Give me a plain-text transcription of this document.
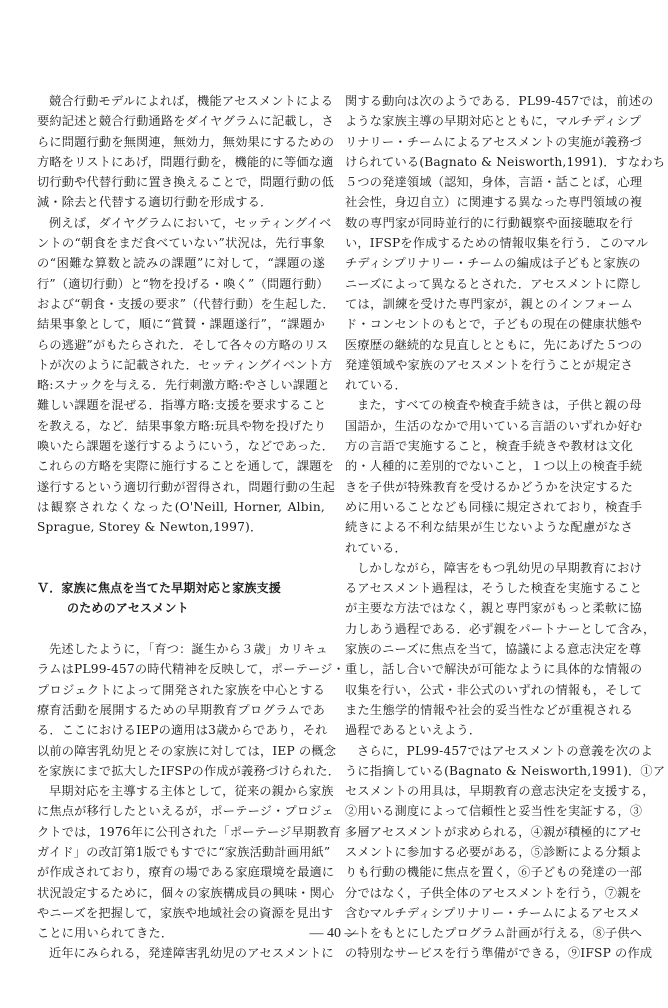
競合行動モデルによれば，機能アセスメントによる
要約記述と競合行動通路をダイヤグラムに記載し，さ
らに問題行動を無関連，無効力，無効果にするための
方略をリストにあげ，問題行動を，機能的に等価な適
切行動や代替行動に置き換えることで，問題行動の低
減・除去と代替する適切行動を形成する．
例えば，ダイヤグラムにおいて，セッティングイベ
ントの“朝食をまだ食べていない”状況は，先行事象
の“困難な算数と読みの課題”に対して，“課題の遂
行”（適切行動）と“物を投げる・喚く”（問題行動）
および“朝食・支援の要求”（代替行動）を生起した．
結果事象として，順に“賞賛・課題遂行”，“課題か
らの逃避”がもたらされた．そして各々の方略のリス
トが次のように記載された．セッティングイベント方
略:スナックを与える．先行刺激方略:やさしい課題と
難しい課題を混ぜる．指導方略:支援を要求すること
を教える，など．結果事象方略:玩具や物を投げたり
喚いたら課題を遂行するようにいう，などであった．
これらの方略を実際に施行することを通して，課題を
遂行するという適切行動が習得され，問題行動の生起
は観察されなくなった(O'Neill, Horner, Albin,
Sprague, Storey & Newton,1997)．
Ｖ．家族に焦点を当てた早期対応と家族支援
のためのアセスメント
先述したように，「育つ：誕生から３歳」カリキュ
ラムはPL99-457の時代精神を反映して，ポーテージ・
プロジェクトによって開発された家族を中心とする
療育活動を展開するための早期教育プログラムであ
る．ここにおけるIEPの適用は3歳からであり，それ
以前の障害乳幼児とその家族に対しては，IEP の概念
を家族にまで拡大したIFSPの作成が義務づけられた．
早期対応を主導する主体として，従来の親から家族
に焦点が移行したといえるが，ポーテージ・プロジェ
クトでは，1976年に公刊された「ポーテージ早期教育
ガイド」の改訂第1版でもすでに“家族活動計画用紙”
が作成されており，療育の場である家庭環境を最適に
状況設定するために，個々の家族構成員の興味・関心
やニーズを把握して，家族や地域社会の資源を見出す
ことに用いられてきた．
近年にみられる，発達障害乳幼児のアセスメントに
関する動向は次のようである．PL99-457では，前述の
ような家族主導の早期対応とともに，マルチディシプ
リナリー・チームによるアセスメントの実施が義務づ
けられている(Bagnato & Neisworth,1991)．すなわち
５つの発達領域（認知，身体，言語・話ことば，心理
社会性，身辺自立）に関連する異なった専門領域の複
数の専門家が同時並行的に行動観察や面接聴取を行
い，IFSPを作成するための情報収集を行う．このマル
チディシプリナリー・チームの編成は子どもと家族の
ニーズによって異なるとされた．アセスメントに際し
ては，訓練を受けた専門家が，親とのインフォーム
ド・コンセントのもとで，子どもの現在の健康状態や
医療歴の継続的な見直しとともに，先にあげた５つの
発達領域や家族のアセスメントを行うことが規定さ
れている．
また，すべての検査や検査手続きは，子供と親の母
国語か，生活のなかで用いている言語のいずれか好む
方の言語で実施すること，検査手続きや教材は文化
的・人種的に差別的でないこと，１つ以上の検査手続
きを子供が特殊教育を受けるかどうかを決定するた
めに用いることなども同様に規定されており，検査手
続きによる不利な結果が生じないような配慮がなさ
れている．
しかしながら，障害をもつ乳幼児の早期教育におけ
るアセスメント過程は，そうした検査を実施すること
が主要な方法ではなく，親と専門家がもっと柔軟に協
力しあう過程である．必ず親をパートナーとして含み，
家族のニーズに焦点を当て，協議による意志決定を尊
重し，話し合いで解決が可能なように具体的な情報の
収集を行い，公式・非公式のいずれの情報も，そして
また生態学的情報や社会的妥当性などが重視される
過程であるといえよう．
さらに，PL99-457ではアセスメントの意義を次のよ
うに指摘している(Bagnato & Neisworth,1991)．①ア
セスメントの用具は，早期教育の意志決定を支援する，
②用いる測度によって信頼性と妥当性を実証する，③
多層アセスメントが求められる，④親が積極的にアセ
スメントに参加する必要がある，⑤診断による分類よ
りも行動の機能に焦点を置く，⑥子どもの発達の一部
分ではなく，子供全体のアセスメントを行う，⑦親を
含むマルチディシプリナリー・チームによるアセスメ
ントをもとにしたプログラム計画が行える，⑧子供へ
の特別なサービスを行う準備ができる，⑨IFSP の作成
— 40 —
